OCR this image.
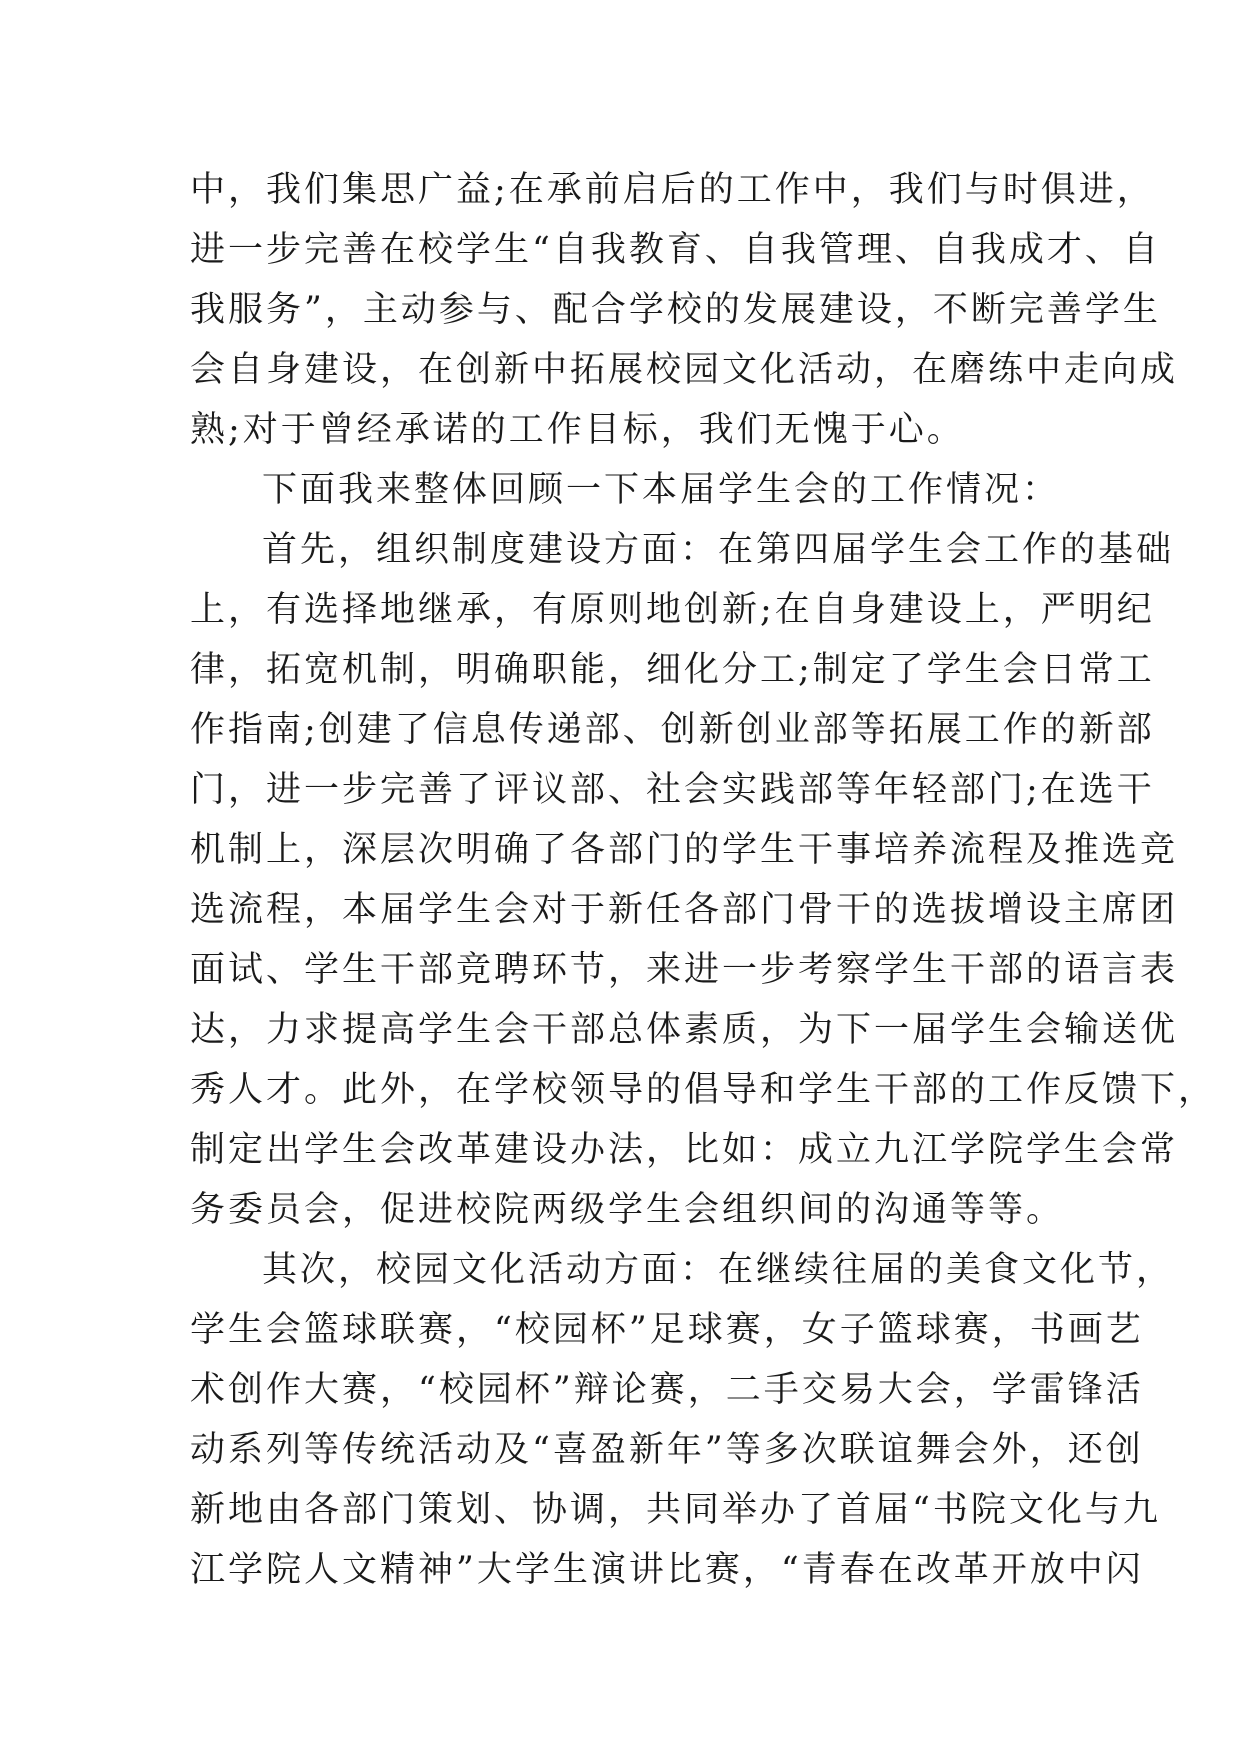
中，我们集思广益;在承前启后的工作中，我们与时俱进，
进一步完善在校学生“自我教育、自我管理、自我成才、自
我服务”，主动参与、配合学校的发展建设，不断完善学生
会自身建设，在创新中拓展校园文化活动，在磨练中走向成
熟;对于曾经承诺的工作目标，我们无愧于心。
下面我来整体回顾一下本届学生会的工作情况：
首先，组织制度建设方面：在第四届学生会工作的基础
上，有选择地继承，有原则地创新;在自身建设上，严明纪
律，拓宽机制，明确职能，细化分工;制定了学生会日常工
作指南;创建了信息传递部、创新创业部等拓展工作的新部
门，进一步完善了评议部、社会实践部等年轻部门;在选干
机制上，深层次明确了各部门的学生干事培养流程及推选竞
选流程，本届学生会对于新任各部门骨干的选拔增设主席团
面试、学生干部竞聘环节，来进一步考察学生干部的语言表
达，力求提高学生会干部总体素质，为下一届学生会输送优
秀人才。此外，在学校领导的倡导和学生干部的工作反馈下，
制定出学生会改革建设办法，比如：成立九江学院学生会常
务委员会，促进校院两级学生会组织间的沟通等等。
其次，校园文化活动方面：在继续往届的美食文化节，
学生会篮球联赛，“校园杯”足球赛，女子篮球赛，书画艺
术创作大赛，“校园杯”辩论赛，二手交易大会，学雷锋活
动系列等传统活动及“喜盈新年”等多次联谊舞会外，还创
新地由各部门策划、协调，共同举办了首届“书院文化与九
江学院人文精神”大学生演讲比赛，“青春在改革开放中闪
